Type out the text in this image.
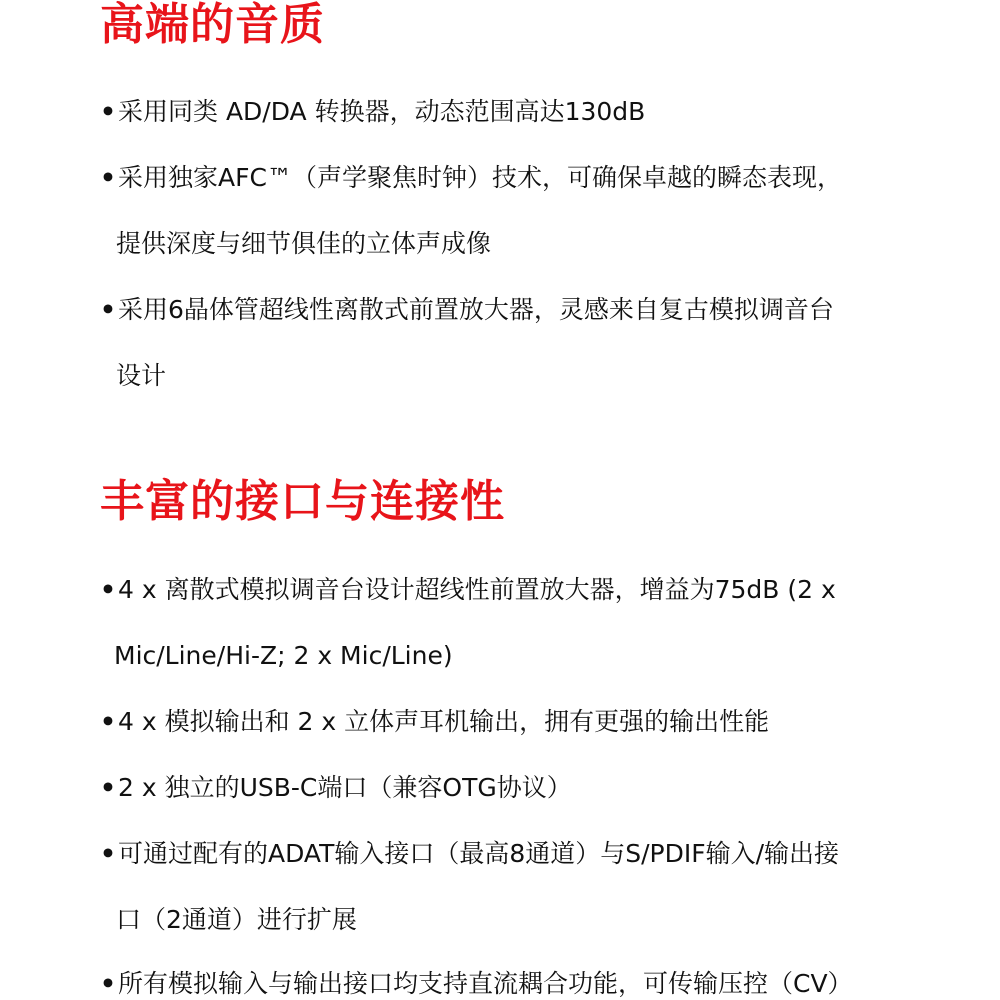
高端的音质

•采用同类 AD/DA 转换器，动态范围高达130dB

•采用独家AFC™（声学聚焦时钟）技术，可确保卓越的瞬态表现，

提供深度与细节俱佳的立体声成像

•采用6晶体管超线性离散式前置放大器，灵感来自复古模拟调音台

设计

丰富的接口与连接性

•4 x 离散式模拟调音台设计超线性前置放大器，增益为75dB (2 x

Mic/Line/Hi-Z; 2 x Mic/Line)

•4 x 模拟输出和 2 x 立体声耳机输出，拥有更强的输出性能

•2 x 独立的USB-C端口（兼容OTG协议）

•可通过配有的ADAT输入接口（最高8通道）与S/PDIF输入/输出接

口（2通道）进行扩展

•所有模拟输入与输出接口均支持直流耦合功能，可传输压控（CV）
